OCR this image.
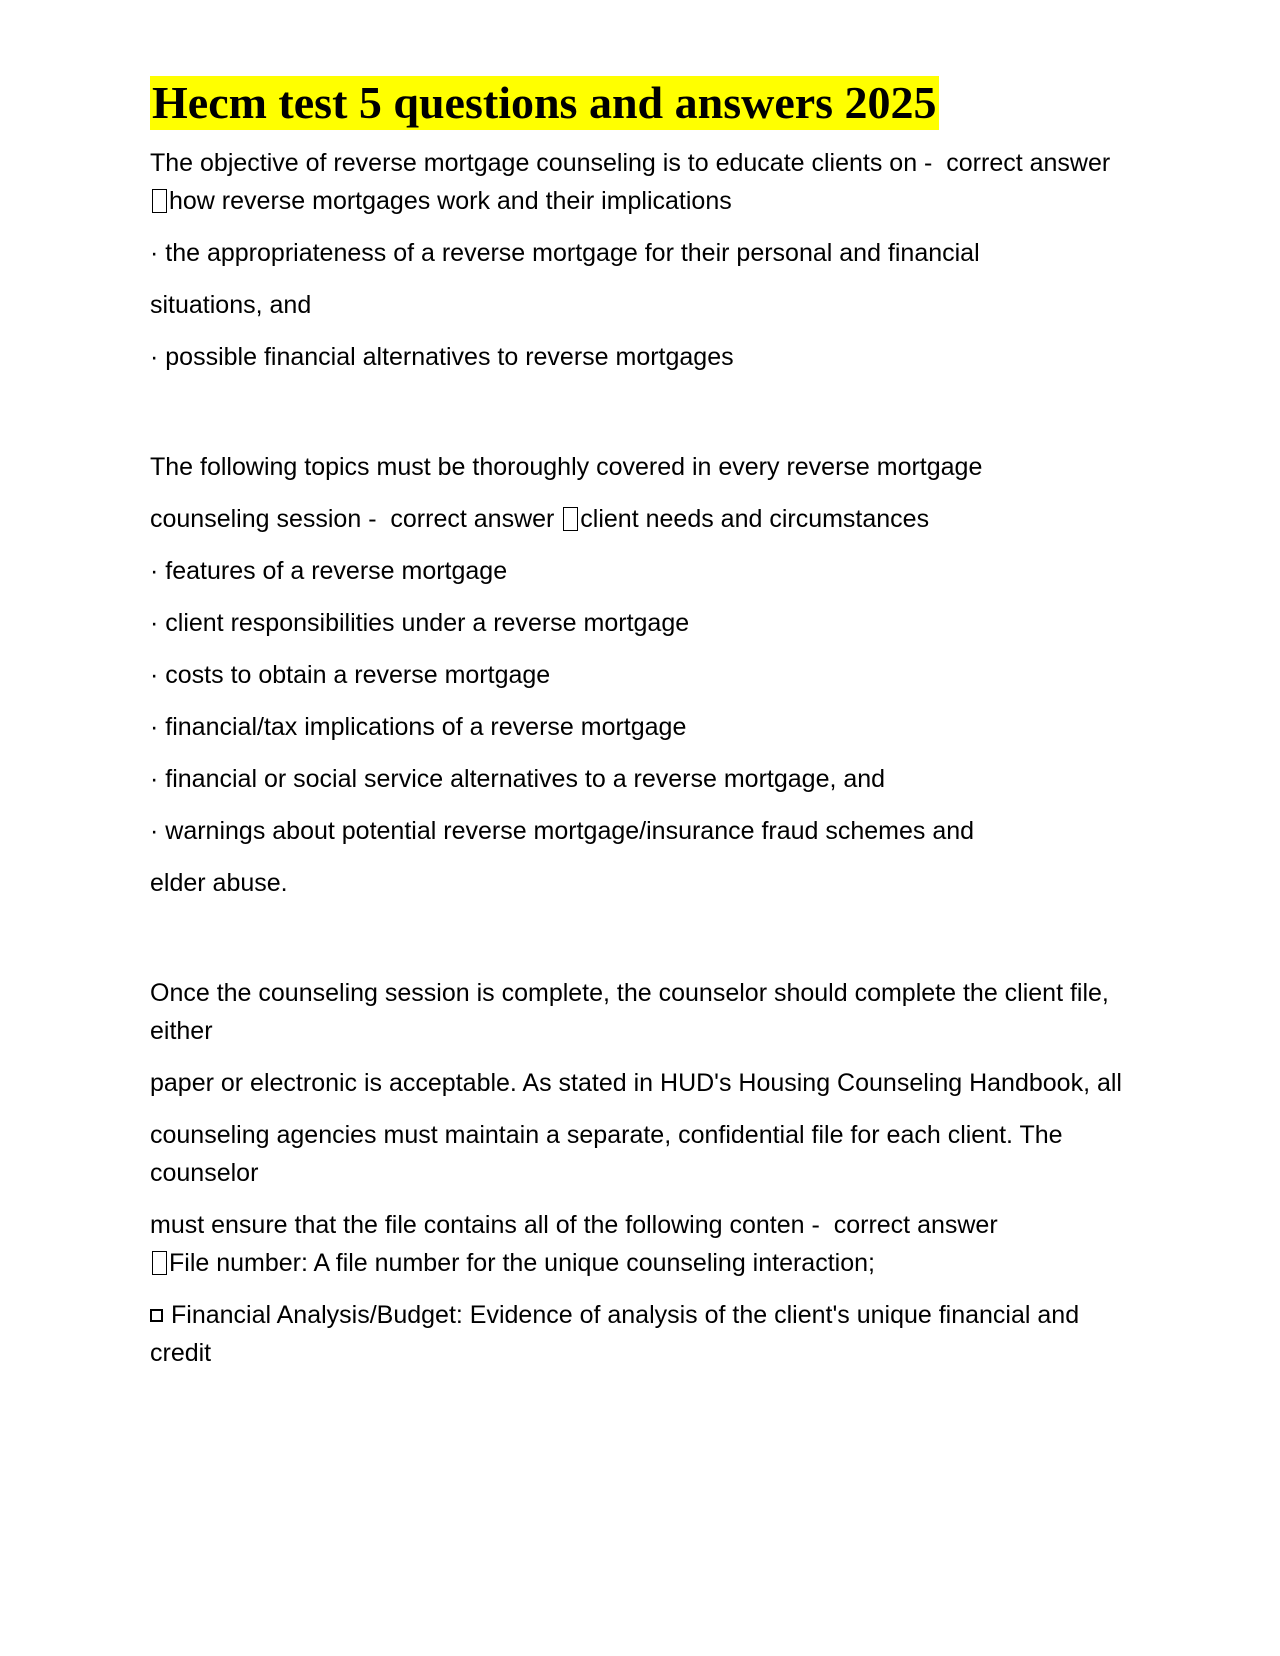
Hecm test 5 questions and answers 2025

The objective of reverse mortgage counseling is to educate clients on -  correct answer how reverse mortgages work and their implications

· the appropriateness of a reverse mortgage for their personal and financial

situations, and

· possible financial alternatives to reverse mortgages

The following topics must be thoroughly covered in every reverse mortgage

counseling session -  correct answer client needs and circumstances

· features of a reverse mortgage

· client responsibilities under a reverse mortgage

· costs to obtain a reverse mortgage

· financial/tax implications of a reverse mortgage

· financial or social service alternatives to a reverse mortgage, and

· warnings about potential reverse mortgage/insurance fraud schemes and

elder abuse.

Once the counseling session is complete, the counselor should complete the client file, either

paper or electronic is acceptable. As stated in HUD's Housing Counseling Handbook, all

counseling agencies must maintain a separate, confidential file for each client. The counselor

must ensure that the file contains all of the following conten -  correct answer
File number: A file number for the unique counseling interaction;

Financial Analysis/Budget: Evidence of analysis of the client's unique financial and credit
